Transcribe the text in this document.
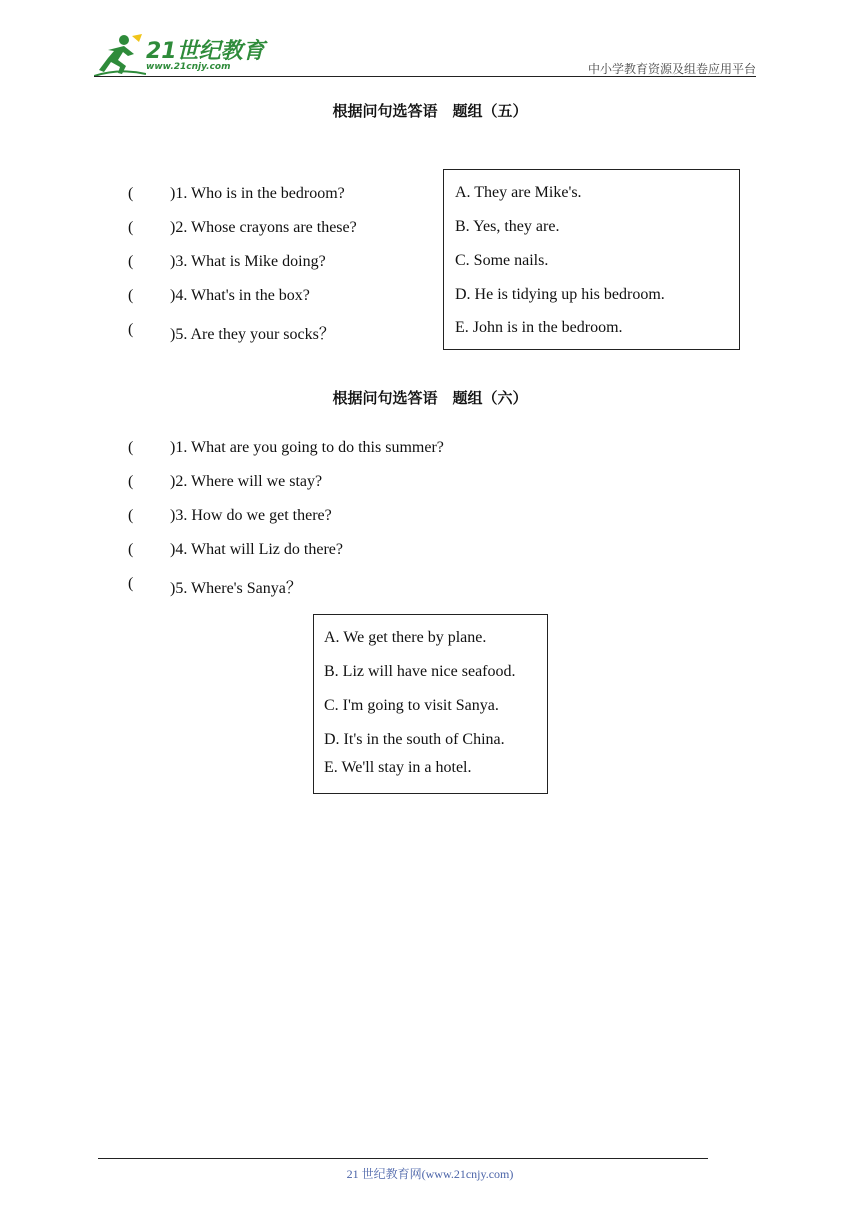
21世纪教育
www.21cnjy.com	中小学教育资源及组卷应用平台
根据问句选答语　题组（五）
( )1. Who is in the bedroom?
( )2. Whose crayons are these?
( )3. What is Mike doing?
( )4. What's in the box?
( )5. Are they your socks？
A. They are Mike's.
B. Yes, they are.
C. Some nails.
D. He is tidying up his bedroom.
E. John is in the bedroom.
根据问句选答语　题组（六）
( )1. What are you going to do this summer?
( )2. Where will we stay?
( )3. How do we get there?
( )4. What will Liz do there?
( )5. Where's Sanya？
A. We get there by plane.
B. Liz will have nice seafood.
C. I'm going to visit Sanya.
D. It's in the south of China.
E. We'll stay in a hotel.
21 世纪教育网(www.21cnjy.com)
